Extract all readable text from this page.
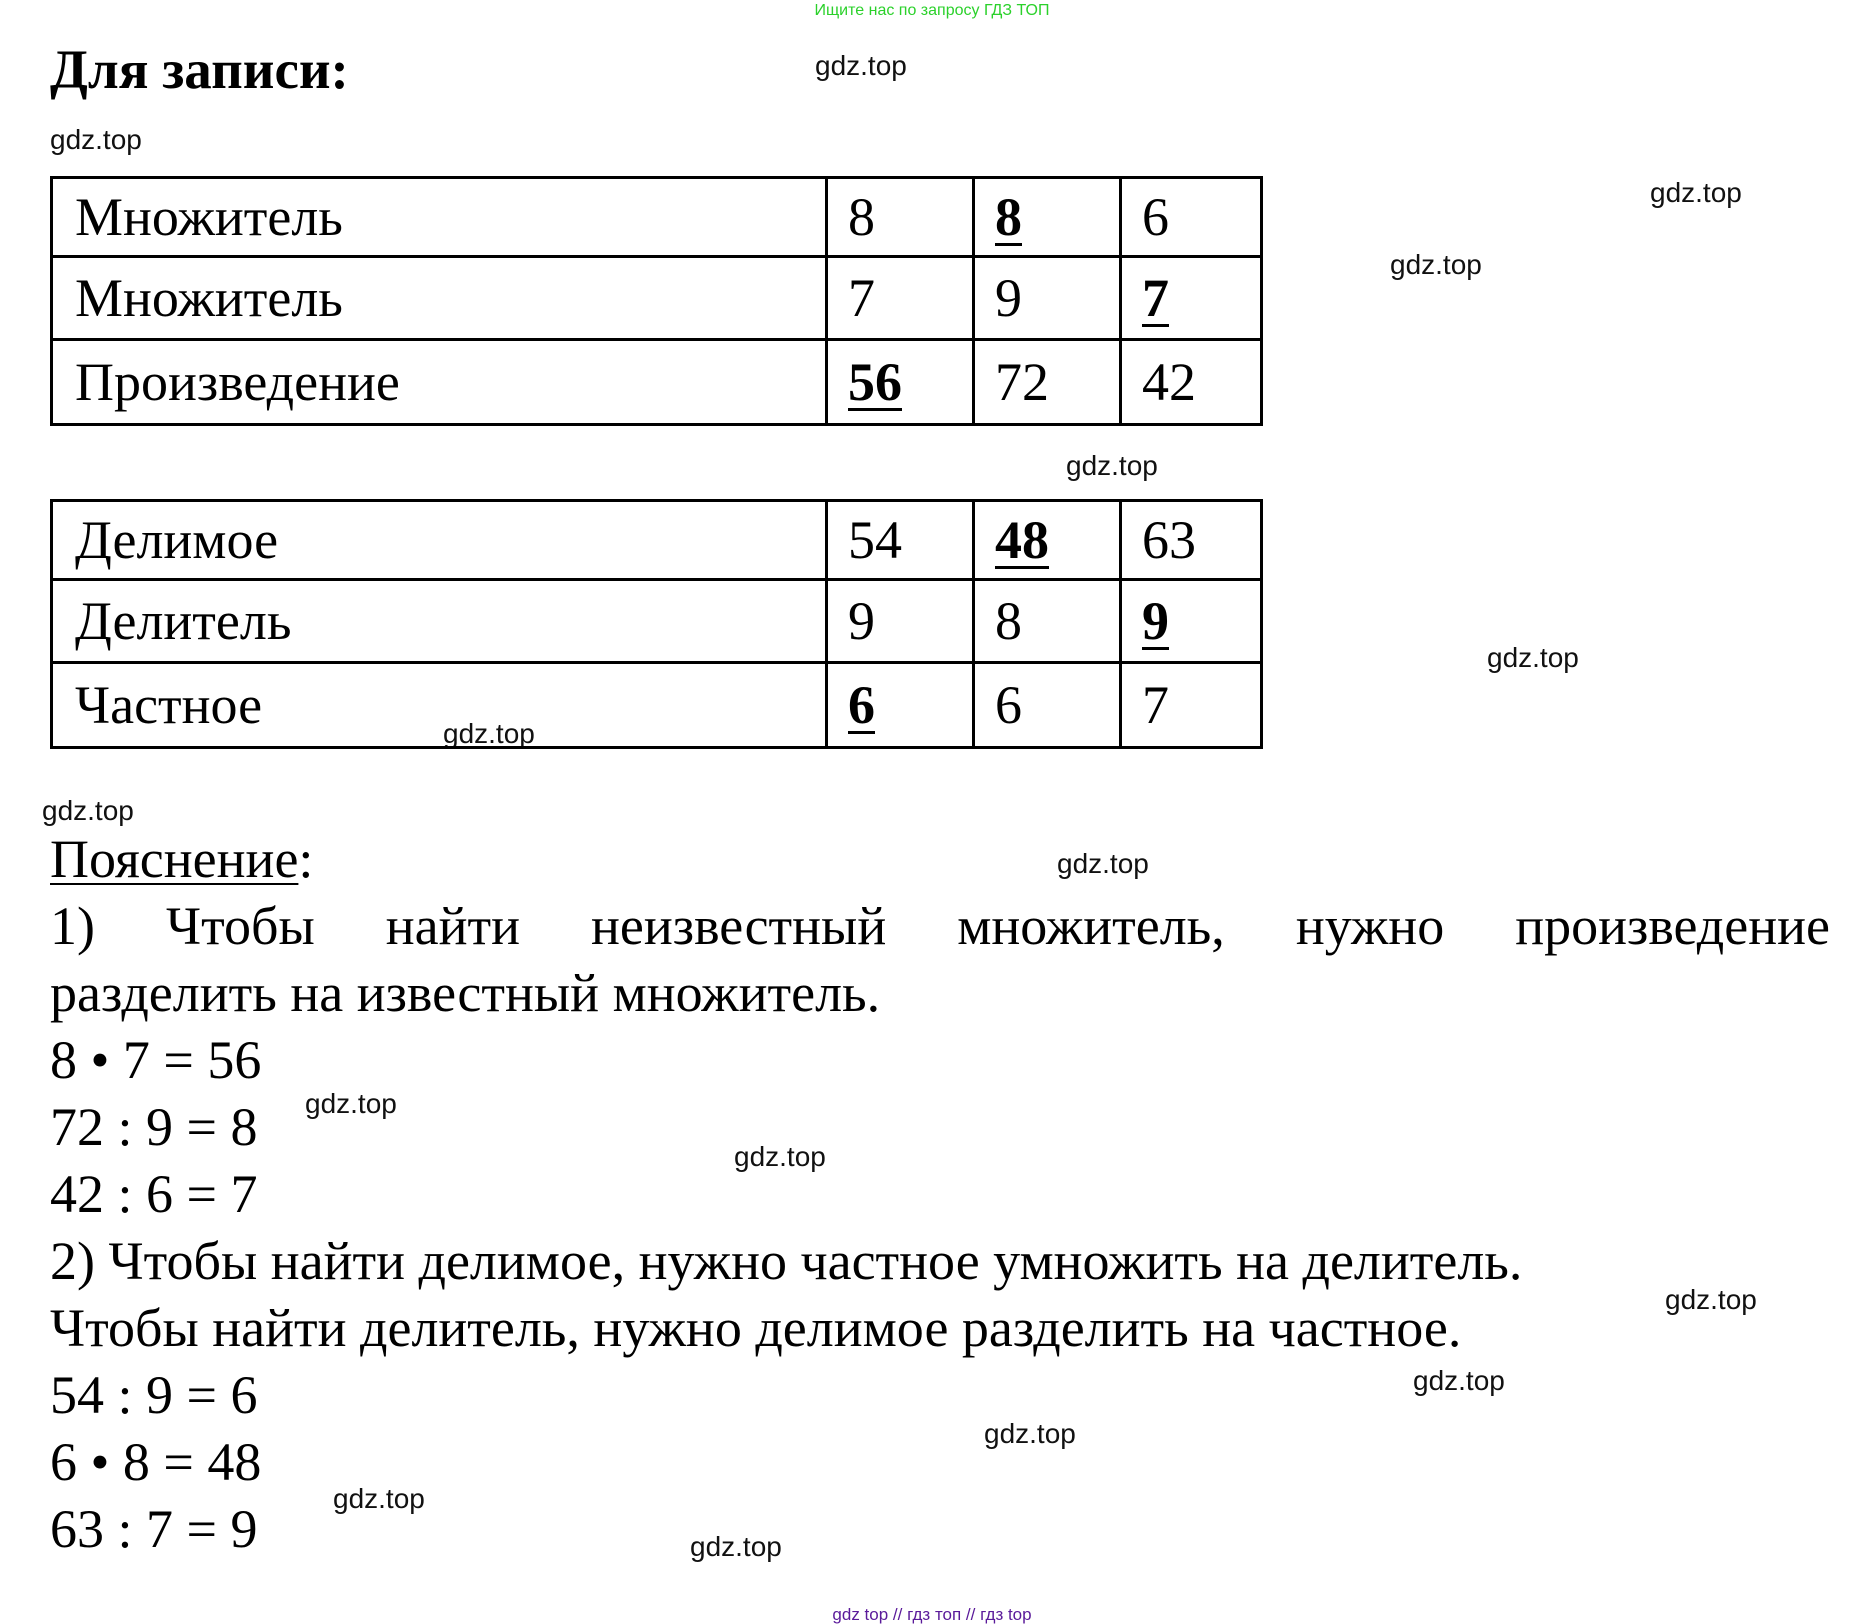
Ищите нас по запросу ГДЗ ТОП
Для записи:	gdz.top
gdz.top
gdz.top
gdz.top
gdz.top
gdz.top
gdz.top
gdz.top
gdz.top
gdz.top
gdz.top
gdz.top
gdz.top
gdz.top
gdz.top
gdz.top
Множитель	8	8	6
Множитель	7	9	7
Произведение	56	72	42
Делимое	54	48	63
Делитель	9	8	9
Частное	6	6	7
Пояснение:
1) Чтобы найти неизвестный множитель, нужно произведение
разделить на известный множитель.
8 • 7 = 56
72 : 9 = 8
42 : 6 = 7
2) Чтобы найти делимое, нужно частное умножить на делитель.
Чтобы найти делитель, нужно делимое разделить на частное.
54 : 9 = 6
6 • 8 = 48
63 : 7 = 9
gdz top // гдз топ // гдз top
